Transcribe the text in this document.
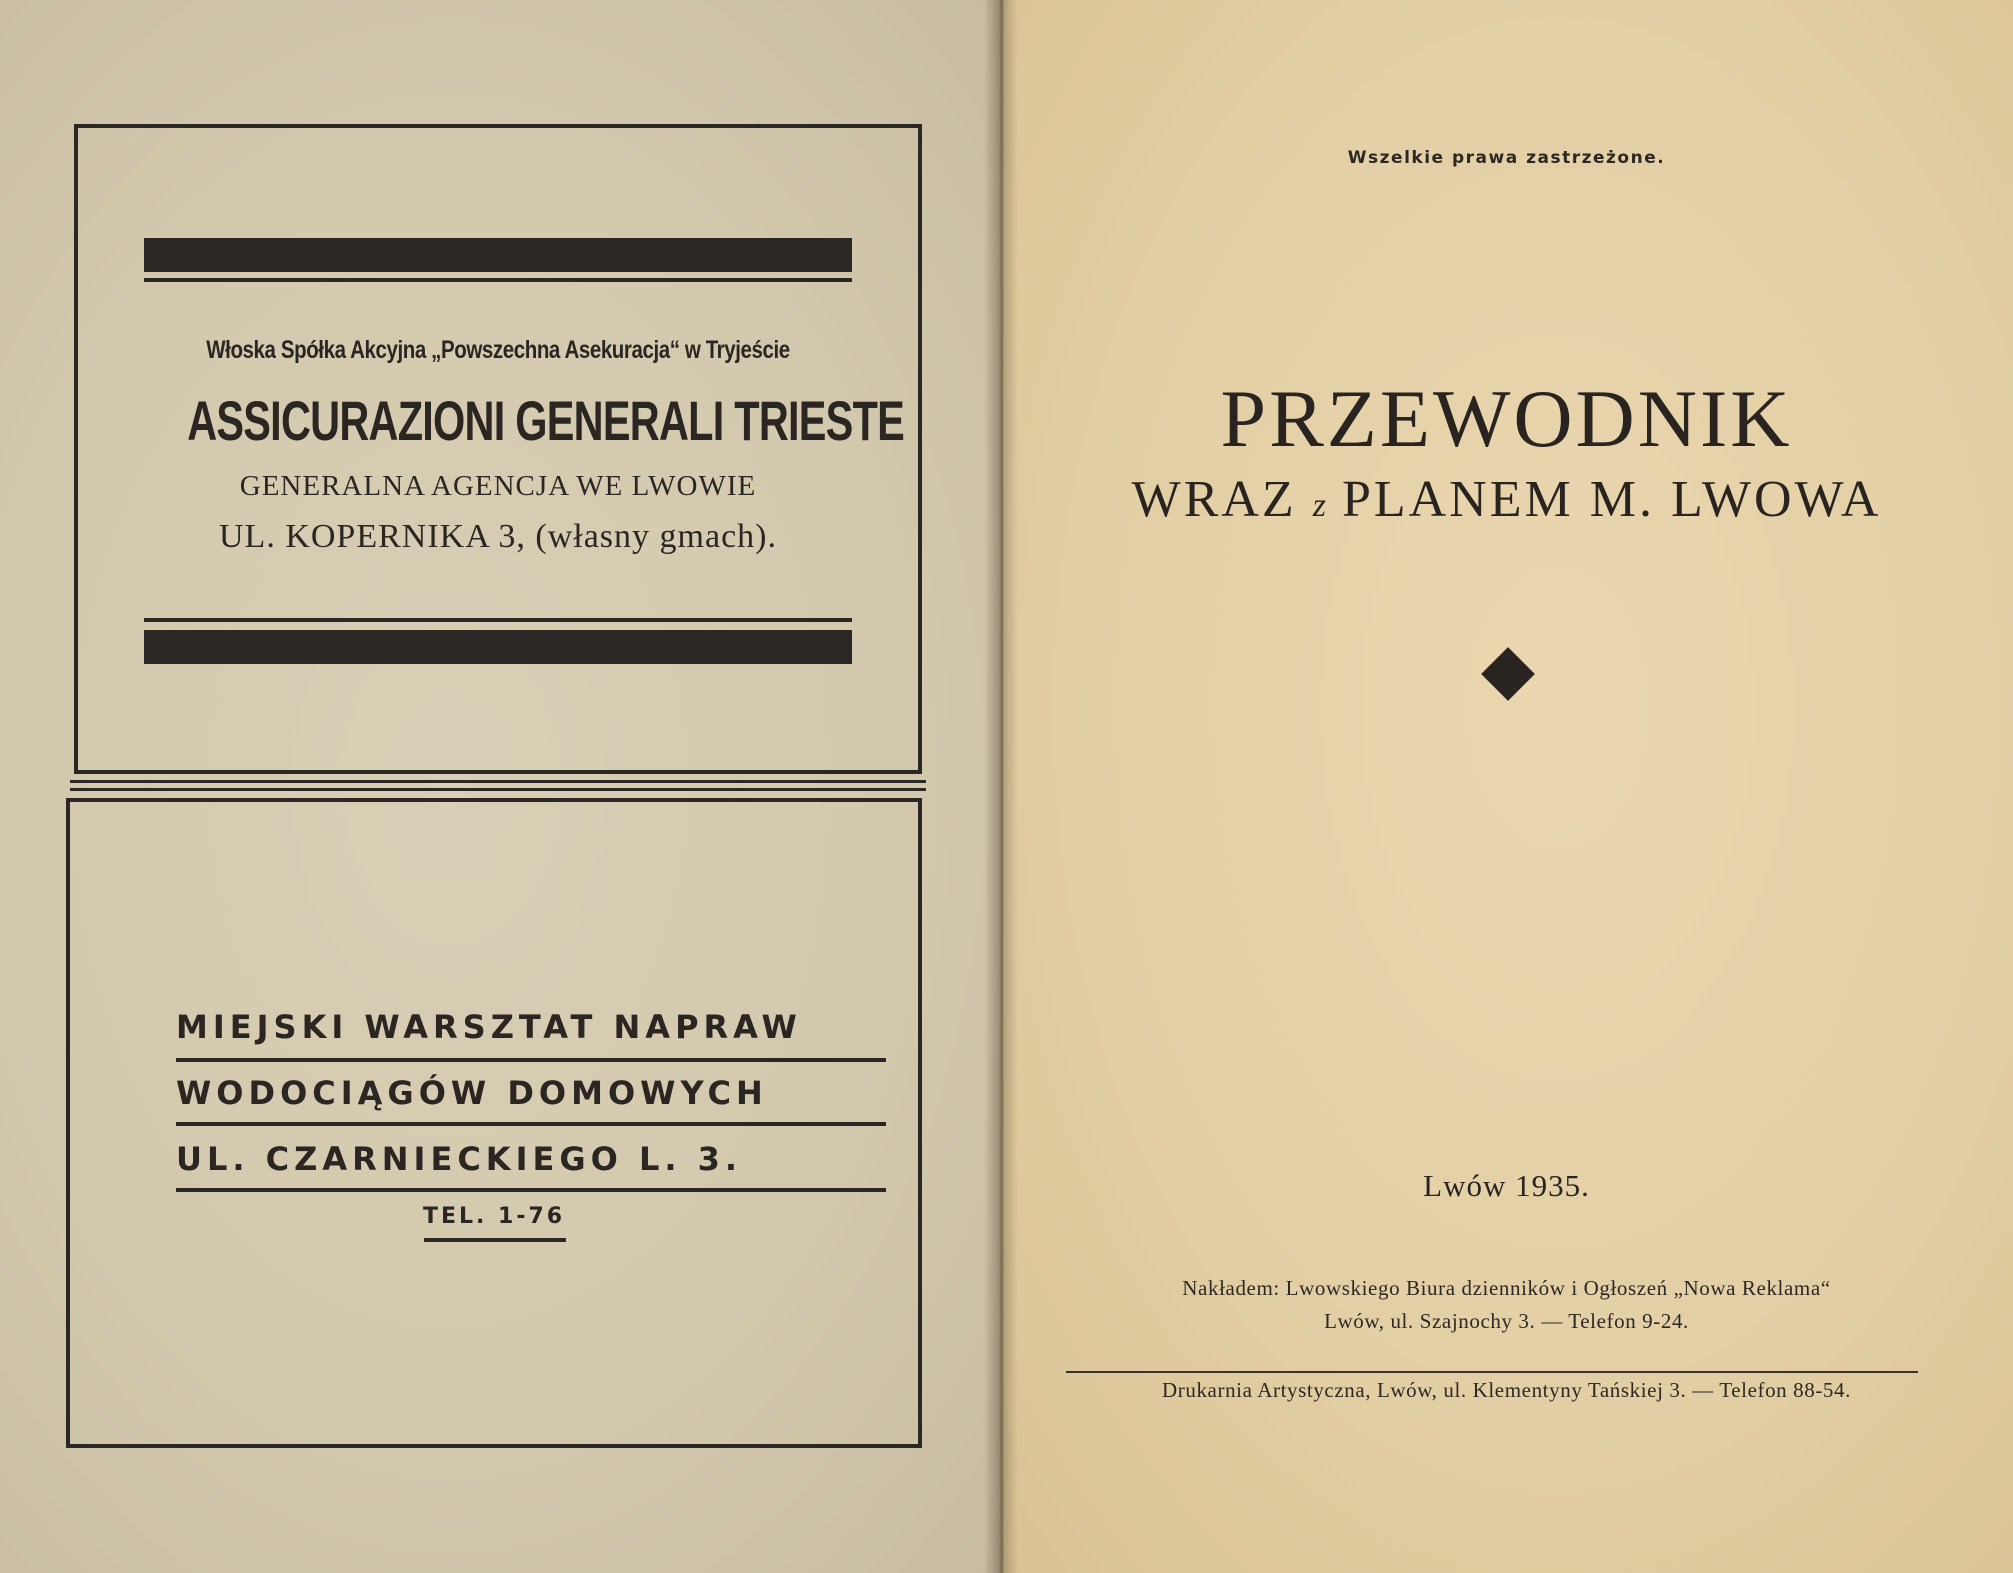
Włoska Spółka Akcyjna „Powszechna Asekuracja“ w Tryjeście
ASSICURAZIONI GENERALI TRIESTE
GENERALNA AGENCJA WE LWOWIE
UL. KOPERNIKA 3, (własny gmach).
MIEJSKI WARSZTAT NAPRAW
WODOCIĄGÓW DOMOWYCH
UL. CZARNIECKIEGO L. 3.
TEL. 1-76
Wszelkie prawa zastrzeżone.
PRZEWODNIK
WRAZ z PLANEM M. LWOWA
Lwów 1935.
Nakładem: Lwowskiego Biura dzienników i Ogłoszeń „Nowa Reklama“
Lwów, ul. Szajnochy 3. — Telefon 9-24.
Drukarnia Artystyczna, Lwów, ul. Klementyny Tańskiej 3. — Telefon 88-54.
